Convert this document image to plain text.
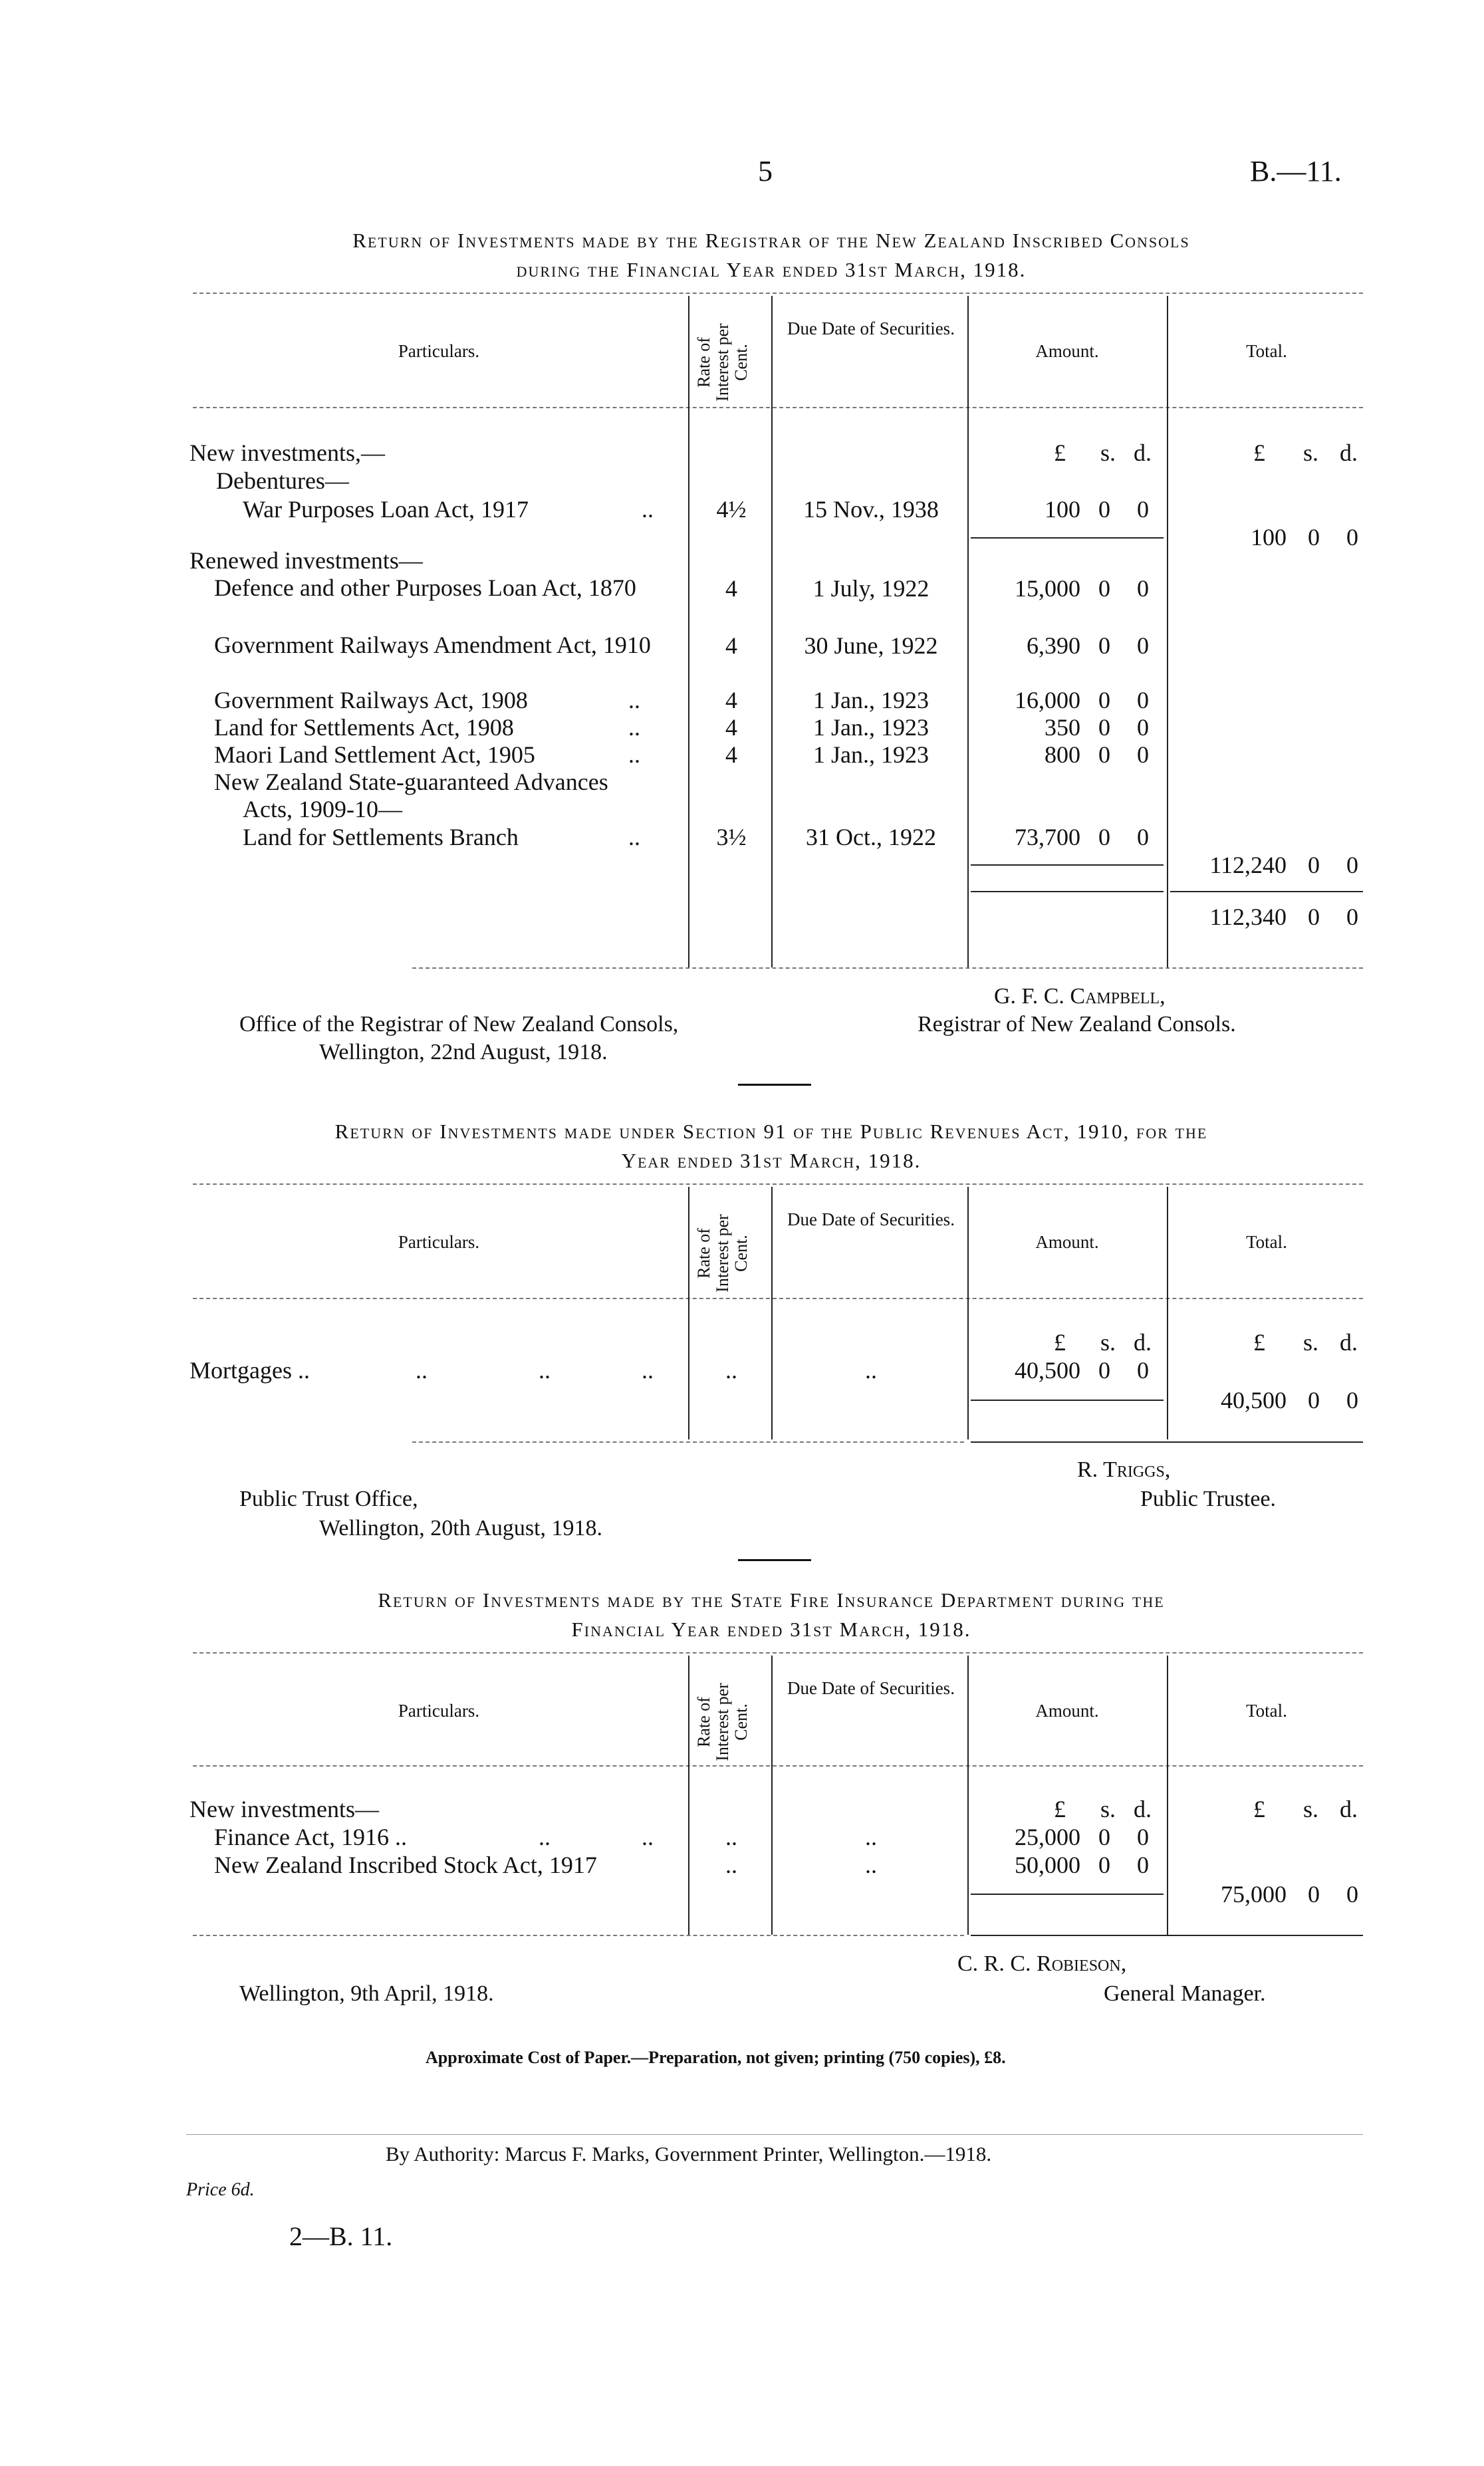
5	B.—11.
Return of Investments made by the Registrar of the New Zealand Inscribed Consols
during the Financial Year ended 31st March, 1918.
Particulars.	Rate of Interest per Cent.
Due Date of Securities.
Amount.	Total.
New investments,—
Debentures—
£ s. d.	£ s. d.
War Purposes Loan Act, 1917	..	4½	15 Nov., 1938	100 0 0
100 0 0
Renewed investments—
Defence and other Purposes Loan Act, 1870	4	1 July, 1922	15,000 0 0
Government Railways Amendment Act, 1910	4	30 June, 1922	6,390 0 0
Government Railways Act, 1908	..	4	1 Jan., 1923	16,000 0 0
Land for Settlements Act, 1908	..	4	1 Jan., 1923	350 0 0
Maori Land Settlement Act, 1905	..	4	1 Jan., 1923	800 0 0
New Zealand State-guaranteed Advances
Acts, 1909-10—
Land for Settlements Branch	..	3½	31 Oct., 1922	73,700 0 0
112,240 0 0
112,340 0 0
G. F. C. Campbell,
Office of the Registrar of New Zealand Consols,	Registrar of New Zealand Consols.
Wellington, 22nd August, 1918.
Return of Investments made under Section 91 of the Public Revenues Act, 1910, for the
Year ended 31st March, 1918.
Particulars.	Rate of Interest per Cent.
Due Date of Securities.
Amount.	Total.
£ s. d.	£ s. d.
Mortgages ..	..	..	..	..	..	40,500 0 0
40,500 0 0
R. Triggs,
Public Trust Office,	Public Trustee.
Wellington, 20th August, 1918.
Return of Investments made by the State Fire Insurance Department during the
Financial Year ended 31st March, 1918.
Particulars.	Rate of Interest per Cent.
Due Date of Securities.
Amount.	Total.
New investments—	£ s. d.	£ s. d.
Finance Act, 1916 ..	..	..	..	..	25,000 0 0
New Zealand Inscribed Stock Act, 1917	..	..	50,000 0 0
75,000 0 0
C. R. C. Robieson,
Wellington, 9th April, 1918.	General Manager.
Approximate Cost of Paper.—Preparation, not given; printing (750 copies), £8.
By Authority: Marcus F. Marks, Government Printer, Wellington.—1918.
Price 6d.
2—B. 11.
